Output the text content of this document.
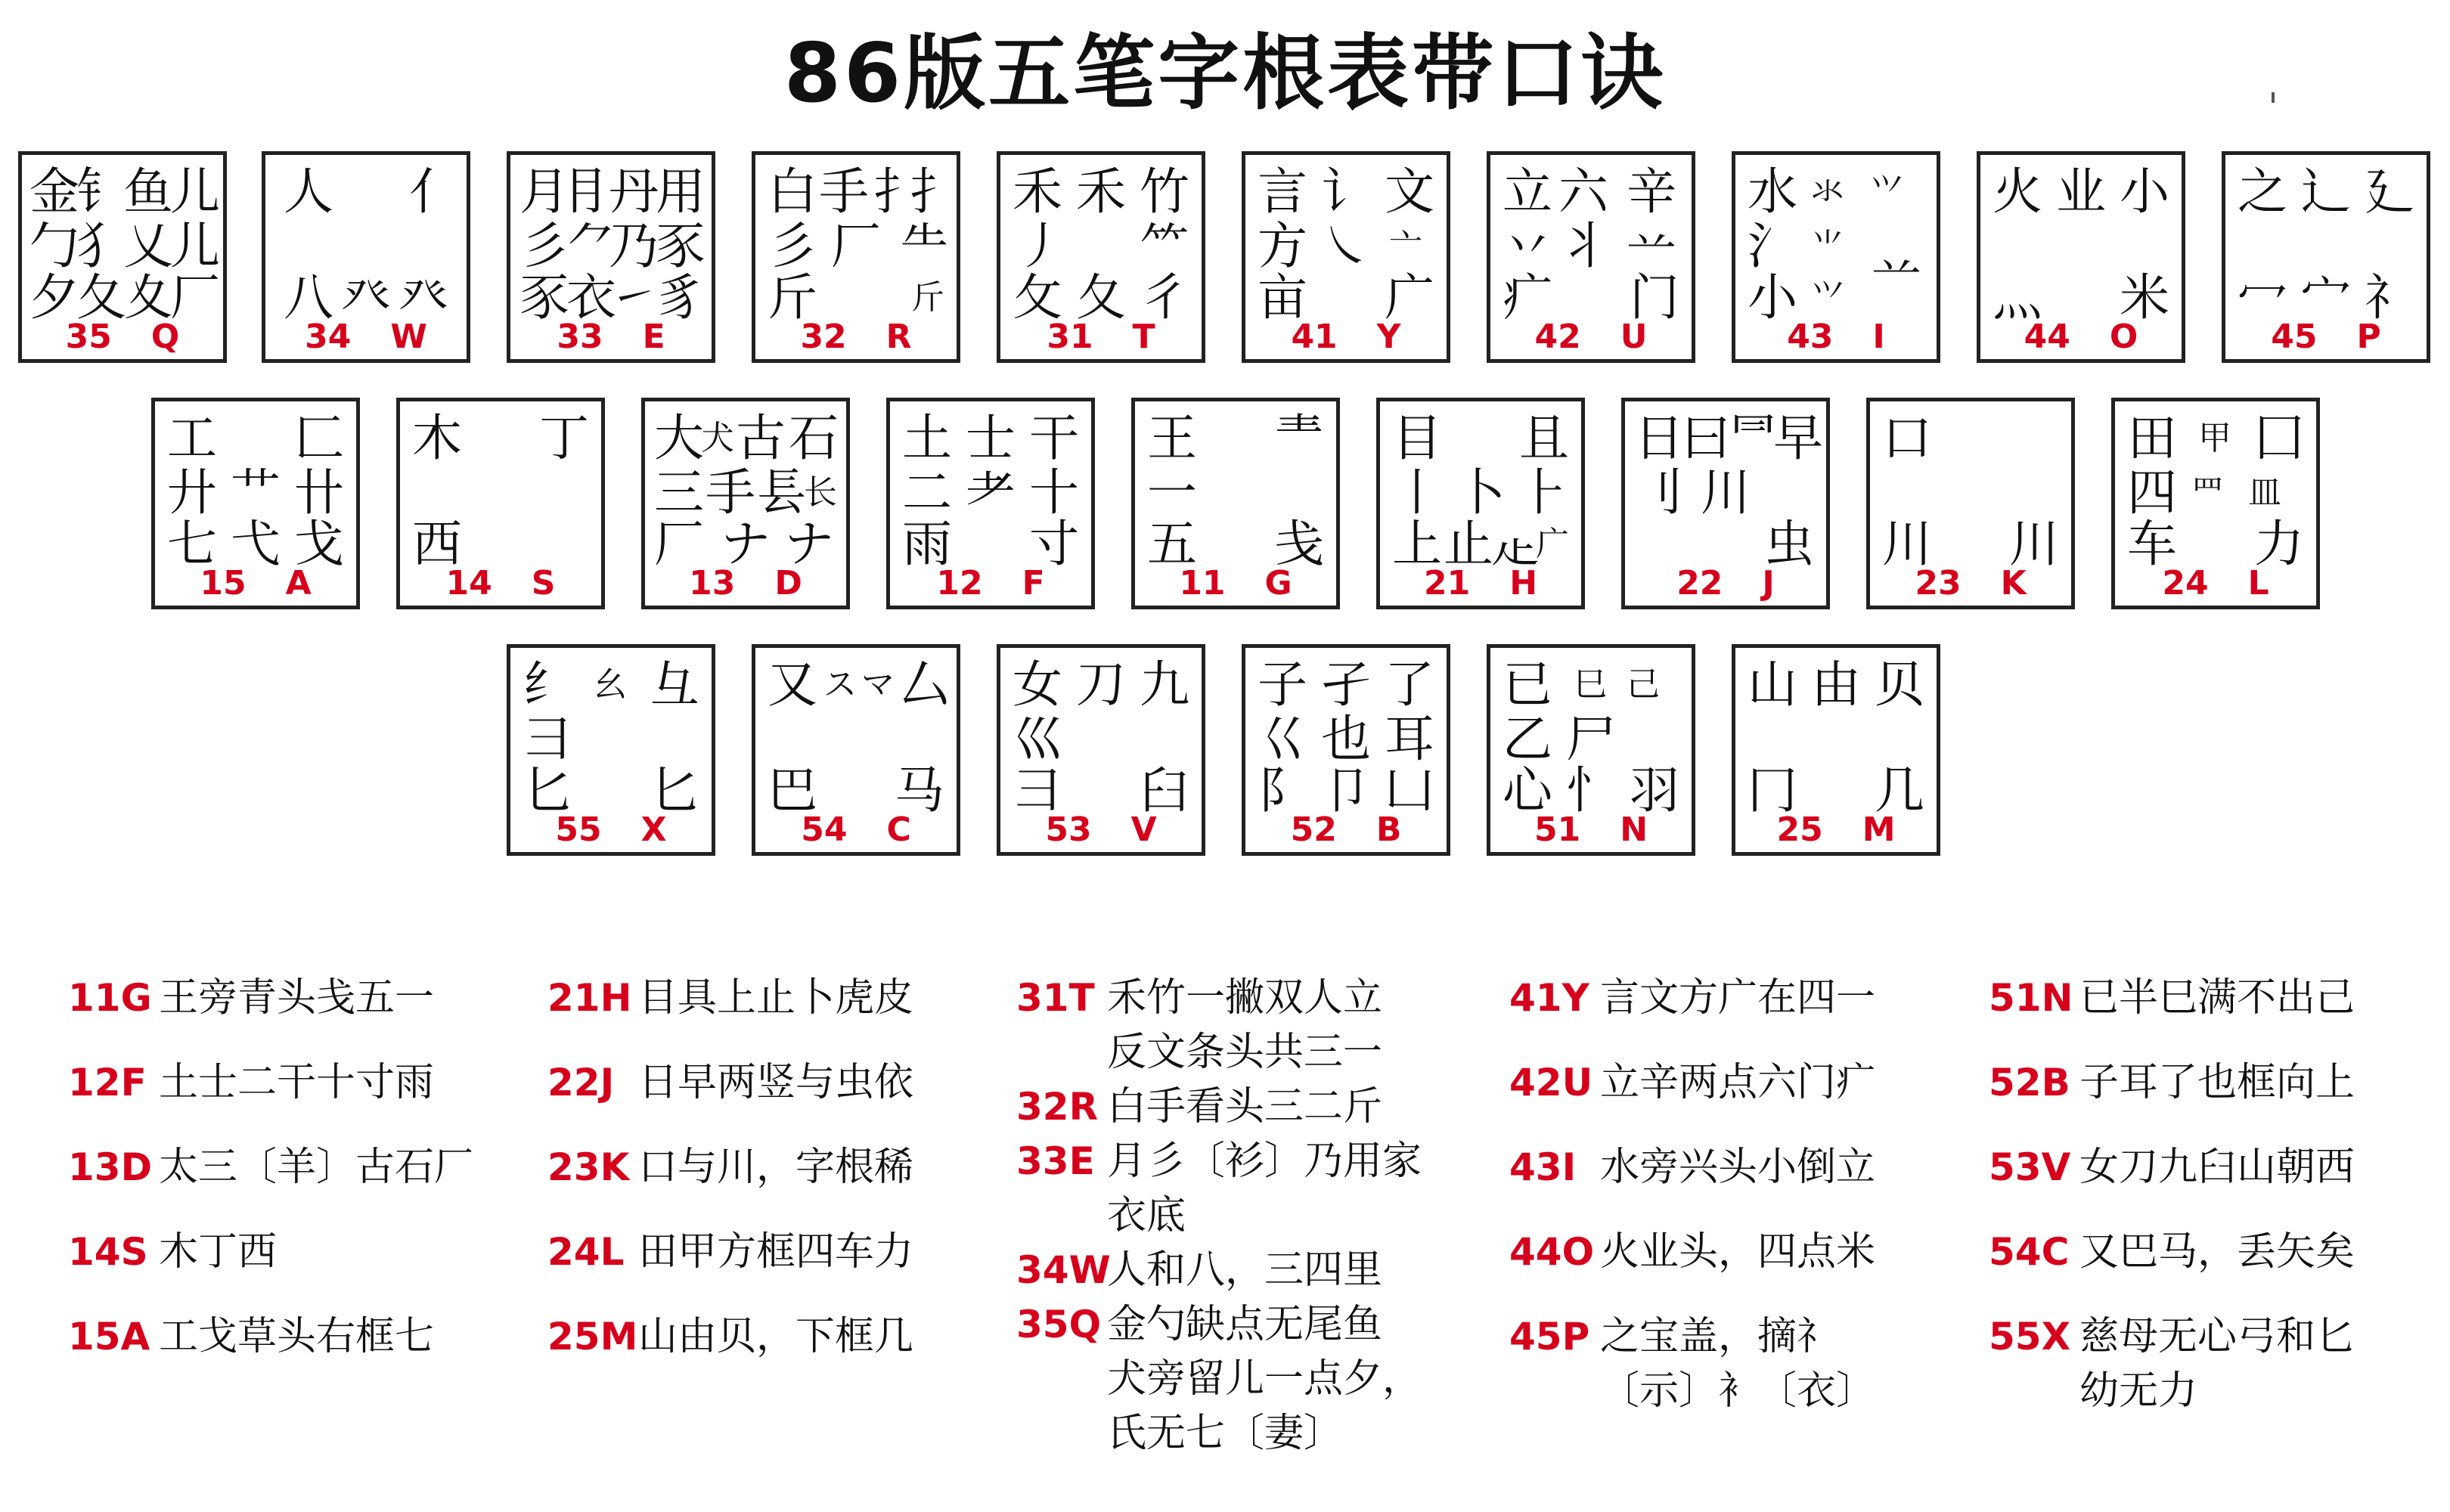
86版五笔字根表带口诀
金
钅
鱼
儿
勹
犭
乂
儿
夕
夂
夊
厂
35 Q
人 亻
八 癶 癶
34 W
月
⺝
丹
用
彡
⺈
乃
豕
豕
衣
㇀
豸
33 E
白 手 扌
扌
彡 厂 ⺧
斤	斤
32 R
禾 禾 竹
丿 ⺮
攵 夂 彳
31 T
言 讠 文
方 ㇏ 亠
亩 广
41 Y
立 六 辛
丷 丬 䒑
疒 门
42 U
水 氺
氵 ⺌
⺍
小 ⺍ 䒑
43 I
火 业 小
灬 米
44 O
之 辶 廴
冖 宀 礻
45 P
工 匚
廾 艹 卄
七 弋 戈
15 A
木 丁
西
14 S
大
犬 古 石
三 手 镸
长
厂 ナ ナ
13 D
土 士 干
二 耂 十
雨 寸
12 F
王 龶
一
五 戋
11 G
目 且
丨 卜 ⺊
上 止
龰
广
21 H
日
曰
⺜
早
刂 川
虫
22 J
口
川 川
23 K
田 甲 囗
四 罒 皿
车 力
24 L
纟 幺 彑
彐
匕 匕
55 X
又 ス マ 厶
巴 马
54 C
女 刀 九
巛
彐 臼
53 V
子 孑 了
巜 也 耳
阝 卩 凵
52 B
已 巳 己
乙 尸
心 忄 羽
51 N
山 由 贝
冂 几
25 M
11G 王旁青头戋五一
12F 土士二干十寸雨
13D 太三〔羊〕古石厂
14S 木丁西
15A 工戈草头右框七
21H 目具上止卜虎皮
22J 日早两竖与虫依
23K 口与川，字根稀
24L 田甲方框四车力
25M 山由贝，下框几
31T 禾竹一撇双人立
反文条头共三一
32R 白手看头三二斤
33E 月彡〔衫〕乃用家
衣底
34W
人和八，三四里
35Q 金勺缺点无尾鱼
犬旁留儿一点夕，
氏无七〔妻〕
41Y 言文方广在四一
42U 立辛两点六门疒
43I 水旁兴头小倒立
44O 火业头，四点米
45P 之宝盖，摘礻
〔示〕衤〔衣〕
51N 已半巳满不出己
52B 子耳了也框向上
53V 女刀九臼山朝西
54C 又巴马，丢矢矣
55X 慈母无心弓和匕
幼无力
